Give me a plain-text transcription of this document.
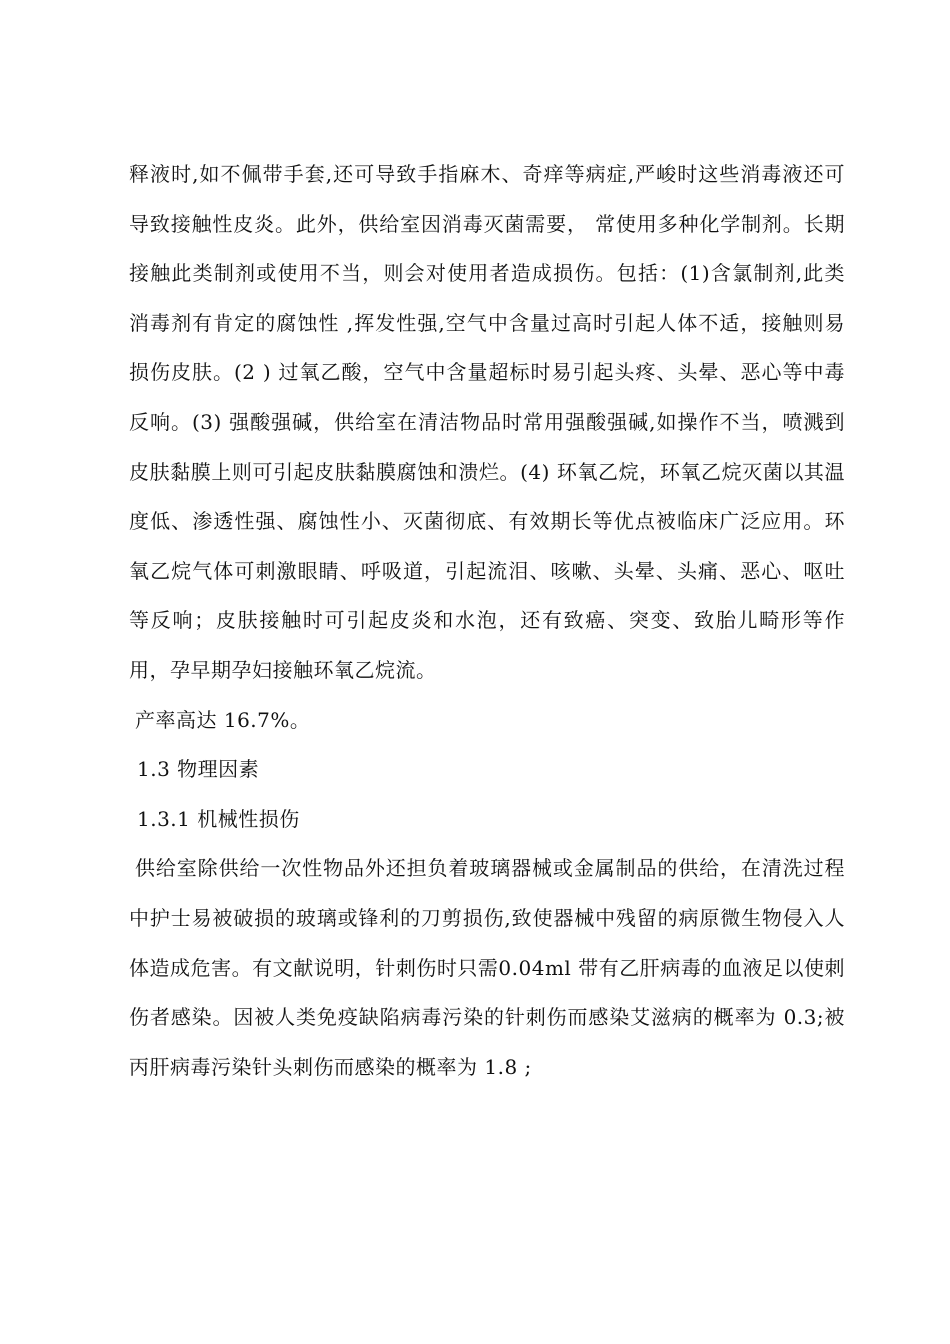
释液时,如不佩带手套,还可导致手指麻木、奇痒等病症,严峻时这些消毒液还可导致接触性皮炎。此外，供给室因消毒灭菌需要， 常使用多种化学制剂。长期接触此类制剂或使用不当，则会对使用者造成损伤。包括：(1)含氯制剂,此类 消毒剂有肯定的腐蚀性 ,挥发性强,空气中含量过高时引起人体不适，接触则易损伤皮肤。(2 ) 过氧乙酸，空气中含量超标时易引起头疼、头晕、恶心等中毒反响。(3) 强酸强碱，供给室在清洁物品时常用强酸强碱,如操作不当，喷溅到皮肤黏膜上则可引起皮肤黏膜腐蚀和溃烂。(4) 环氧乙烷，环氧乙烷灭菌以其温度低、渗透性强、腐蚀性小、灭菌彻底、有效期长等优点被临床广泛应用。环氧乙烷气体可刺激眼睛、呼吸道，引起流泪、咳嗽、头晕、头痛、恶心、呕吐等反响；皮肤接触时可引起皮炎和水泡，还有致癌、突变、致胎儿畸形等作用，孕早期孕妇接触环氧乙烷流。

产率高达 16.7%。

1.3 物理因素

1.3.1 机械性损伤

供给室除供给一次性物品外还担负着玻璃器械或金属制品的供给，在清洗过程中护士易被破损的玻璃或锋利的刀剪损伤,致使器械中残留的病原微生物侵入人体造成危害。有文献说明，针刺伤时只需0.04ml 带有乙肝病毒的血液足以使刺伤者感染。因被人类免疫缺陷病毒污染的针刺伤而感染艾滋病的概率为 0.3;被丙肝病毒污染针头刺伤而感染的概率为 1.8 ;
